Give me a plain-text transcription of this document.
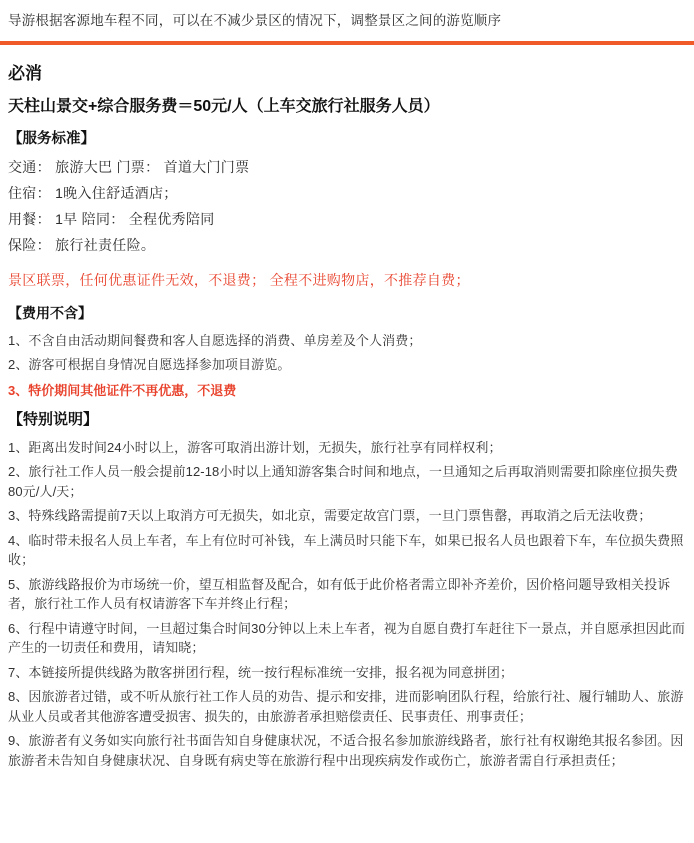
导游根据客源地车程不同，可以在不减少景区的情况下，调整景区之间的游览顺序
必消
天柱山景交+综合服务费＝50元/人（上车交旅行社服务人员）
【服务标准】
交通： 旅游大巴 门票： 首道大门门票
住宿： 1晚入住舒适酒店；
用餐： 1早 陪同： 全程优秀陪同
保险： 旅行社责任险。
景区联票，任何优惠证件无效，不退费； 全程不进购物店，不推荐自费；
【费用不含】
1、不含自由活动期间餐费和客人自愿选择的消费、单房差及个人消费；
2、游客可根据自身情况自愿选择参加项目游览。
3、特价期间其他证件不再优惠，不退费
【特别说明】
1、距离出发时间24小时以上，游客可取消出游计划，无损失，旅行社享有同样权利；
2、旅行社工作人员一般会提前12-18小时以上通知游客集合时间和地点，一旦通知之后再取消则需要扣除座位损失费80元/人/天；
3、特殊线路需提前7天以上取消方可无损失，如北京，需要定故宫门票，一旦门票售罄，再取消之后无法收费；
4、临时带未报名人员上车者，车上有位时可补钱，车上满员时只能下车，如果已报名人员也跟着下车，车位损失费照收；
5、旅游线路报价为市场统一价，望互相监督及配合，如有低于此价格者需立即补齐差价，因价格问题导致相关投诉者，旅行社工作人员有权请游客下车并终止行程；
6、行程中请遵守时间，一旦超过集合时间30分钟以上未上车者，视为自愿自费打车赶往下一景点，并自愿承担因此而产生的一切责任和费用，请知晓；
7、本链接所提供线路为散客拼团行程，统一按行程标准统一安排，报名视为同意拼团；
8、因旅游者过错，或不听从旅行社工作人员的劝告、提示和安排，进而影响团队行程，给旅行社、履行辅助人、旅游从业人员或者其他游客遭受损害、损失的，由旅游者承担赔偿责任、民事责任、刑事责任；
9、旅游者有义务如实向旅行社书面告知自身健康状况，不适合报名参加旅游线路者，旅行社有权谢绝其报名参团。因旅游者未告知自身健康状况、自身既有病史等在旅游行程中出现疾病发作或伤亡，旅游者需自行承担责任；
